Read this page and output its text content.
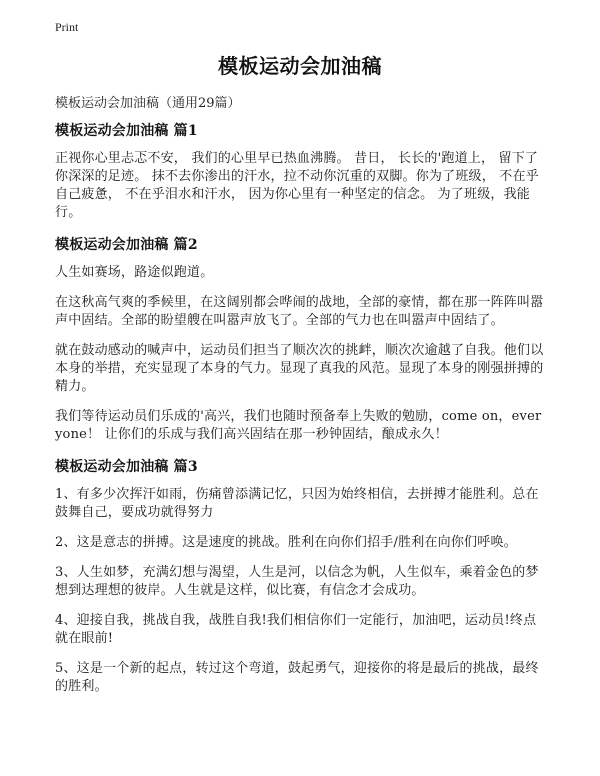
Print
模板运动会加油稿
模板运动会加油稿（通用29篇）
模板运动会加油稿 篇1

正视你心里忐忑不安， 我们的心里早已热血沸腾。 昔日， 长长的'跑道上， 留下了你深深的足迹。 抹不去你渗出的汗水，拉不动你沉重的双脚。你为了班级， 不在乎自己疲惫， 不在乎泪水和汗水， 因为你心里有一种坚定的信念。 为了班级，我能行。

模板运动会加油稿 篇2

人生如赛场，路途似跑道。

在这秋高气爽的季候里，在这阔别都会哗闹的战地，全部的豪情，都在那一阵阵叫嚣声中固结。全部的盼望艘在叫嚣声放飞了。全部的气力也在叫嚣声中固结了。

就在鼓动感动的喊声中，运动员们担当了顺次次的挑衅，顺次次逾越了自我。他们以本身的举措，充实显现了本身的气力。显现了真我的风范。显现了本身的刚强拼搏的精力。

我们等待运动员们乐成的'高兴，我们也随时预备奉上失败的勉励，come on，everyone！ 让你们的乐成与我们高兴固结在那一秒钟固结，酿成永久！

模板运动会加油稿 篇3

1、有多少次挥汗如雨，伤痛曾添满记忆，只因为始终相信，去拼搏才能胜利。总在鼓舞自己，要成功就得努力

2、这是意志的拼搏。这是速度的挑战。胜利在向你们招手/胜利在向你们呼唤。

3、人生如梦，充满幻想与渴望，人生是河，以信念为帆，人生似车，乘着金色的梦想到达理想的彼岸。人生就是这样，似比赛，有信念才会成功。

4、迎接自我，挑战自我，战胜自我!我们相信你们一定能行，加油吧，运动员!终点就在眼前!

5、这是一个新的起点，转过这个弯道，鼓起勇气，迎接你的将是最后的挑战，最终的胜利。
